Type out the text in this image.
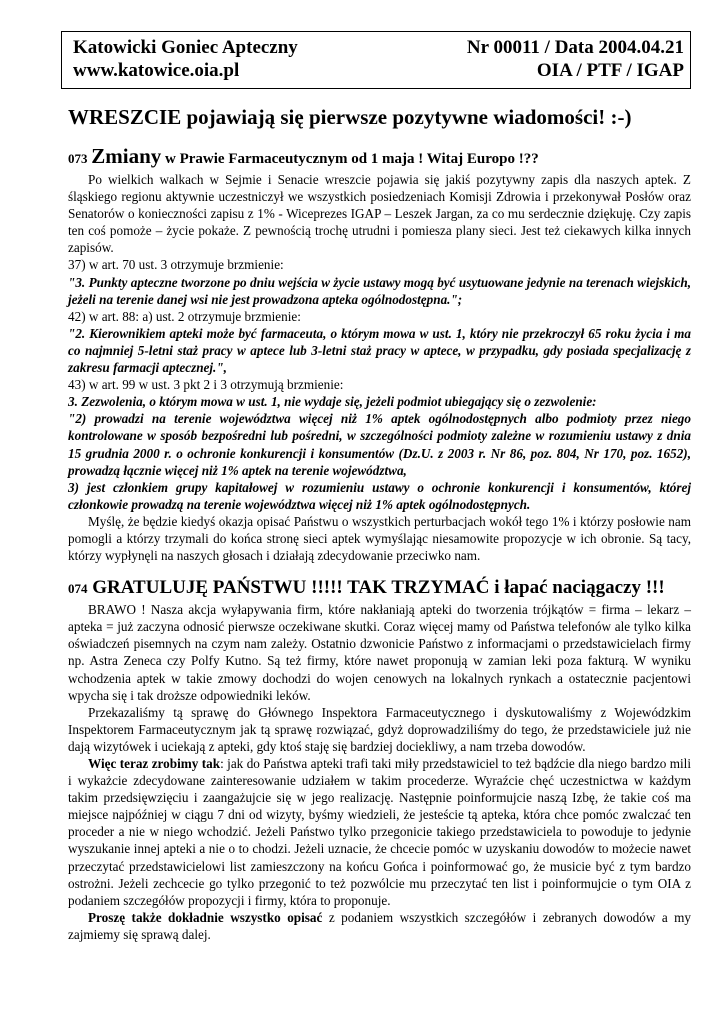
Katowicki Goniec Apteczny	Nr 00011 / Data 2004.04.21
www.katowice.oia.pl	OIA / PTF / IGAP
WRESZCIE pojawiają się pierwsze pozytywne wiadomości! :-)
073 Zmiany w Prawie Farmaceutycznym od 1 maja ! Witaj Europo !??

Po wielkich walkach w Sejmie i Senacie wreszcie pojawia się jakiś pozytywny zapis dla naszych aptek. Z śląskiego regionu aktywnie uczestniczył we wszystkich posiedzeniach Komisji Zdrowia i przekonywał Posłów oraz Senatorów o konieczności zapisu z 1% - Wiceprezes IGAP – Leszek Jargan, za co mu serdecznie dziękuję. Czy zapis ten coś pomoże – życie pokaże. Z pewnością trochę utrudni i pomiesza plany sieci. Jest też ciekawych kilka innych zapisów.

37) w art. 70 ust. 3 otrzymuje brzmienie:

"3. Punkty apteczne tworzone po dniu wejścia w życie ustawy mogą być usytuowane jedynie na terenach wiejskich, jeżeli na terenie danej wsi nie jest prowadzona apteka ogólnodostępna.";

42) w art. 88: a) ust. 2 otrzymuje brzmienie:

"2. Kierownikiem apteki może być farmaceuta, o którym mowa w ust. 1, który nie przekroczył 65 roku życia i ma co najmniej 5-letni staż pracy w aptece lub 3-letni staż pracy w aptece, w przypadku, gdy posiada specjalizację z zakresu farmacji aptecznej.",

43) w art. 99 w ust. 3 pkt 2 i 3 otrzymują brzmienie:

3. Zezwolenia, o którym mowa w ust. 1, nie wydaje się, jeżeli podmiot ubiegający się o zezwolenie:

"2) prowadzi na terenie województwa więcej niż 1% aptek ogólnodostępnych albo podmioty przez niego kontrolowane w sposób bezpośredni lub pośredni, w szczególności podmioty zależne w rozumieniu ustawy z dnia 15 grudnia 2000 r. o ochronie konkurencji i konsumentów (Dz.U. z 2003 r. Nr 86, poz. 804, Nr 170, poz. 1652), prowadzą łącznie więcej niż 1% aptek na terenie województwa,

3) jest członkiem grupy kapitałowej w rozumieniu ustawy o ochronie konkurencji i konsumentów, której członkowie prowadzą na terenie województwa więcej niż 1% aptek ogólnodostępnych.

Myślę, że będzie kiedyś okazja opisać Państwu o wszystkich perturbacjach wokół tego 1% i którzy posłowie nam pomogli a którzy trzymali do końca stronę sieci aptek wymyślając niesamowite propozycje w ich obronie. Są tacy, którzy wypłynęli na naszych głosach i działają zdecydowanie przeciwko nam.

074 GRATULUJĘ PAŃSTWU !!!!! TAK TRZYMAĆ i łapać naciągaczy !!!

BRAWO ! Nasza akcja wyłapywania firm, które nakłaniają apteki do tworzenia trójkątów = firma – lekarz – apteka = już zaczyna odnosić pierwsze oczekiwane skutki. Coraz więcej mamy od Państwa telefonów ale tylko kilka oświadczeń pisemnych na czym nam zależy. Ostatnio dzwonicie Państwo z informacjami o przedstawicielach firmy np. Astra Zeneca czy Polfy Kutno. Są też firmy, które nawet proponują w zamian leki poza fakturą. W wyniku wchodzenia aptek w takie zmowy dochodzi do wojen cenowych na lokalnych rynkach a ostatecznie pacjentowi wpycha się i tak droższe odpowiedniki leków.

Przekazaliśmy tą sprawę do Głównego Inspektora Farmaceutycznego i dyskutowaliśmy z Wojewódzkim Inspektorem Farmaceutycznym jak tą sprawę rozwiązać, gdyż doprowadziliśmy do tego, że przedstawiciele już nie dają wizytówek i uciekają z apteki, gdy ktoś staję się bardziej dociekliwy, a nam trzeba dowodów.

Więc teraz zrobimy tak: jak do Państwa apteki trafi taki miły przedstawiciel to też bądźcie dla niego bardzo mili i wykażcie zdecydowane zainteresowanie udziałem w takim procederze. Wyraźcie chęć uczestnictwa w każdym takim przedsięwzięciu i zaangażujcie się w jego realizację. Następnie poinformujcie naszą Izbę, że takie coś ma miejsce najpóźniej w ciągu 7 dni od wizyty, byśmy wiedzieli, że jesteście tą apteka, która chce pomóc zwalczać ten proceder a nie w niego wchodzić. Jeżeli Państwo tylko przegonicie takiego przedstawiciela to powoduje to jedynie wyszukanie innej apteki a nie o to chodzi. Jeżeli uznacie, że chcecie pomóc w uzyskaniu dowodów to możecie nawet przeczytać przedstawicielowi list zamieszczony na końcu Gońca i poinformować go, że musicie być z tym bardzo ostrożni. Jeżeli zechcecie go tylko przegonić to też pozwólcie mu przeczytać ten list i poinformujcie o tym OIA z podaniem szczegółów propozycji i firmy, która to proponuje.

Proszę także dokładnie wszystko opisać z podaniem wszystkich szczegółów i zebranych dowodów a my zajmiemy się sprawą dalej.
